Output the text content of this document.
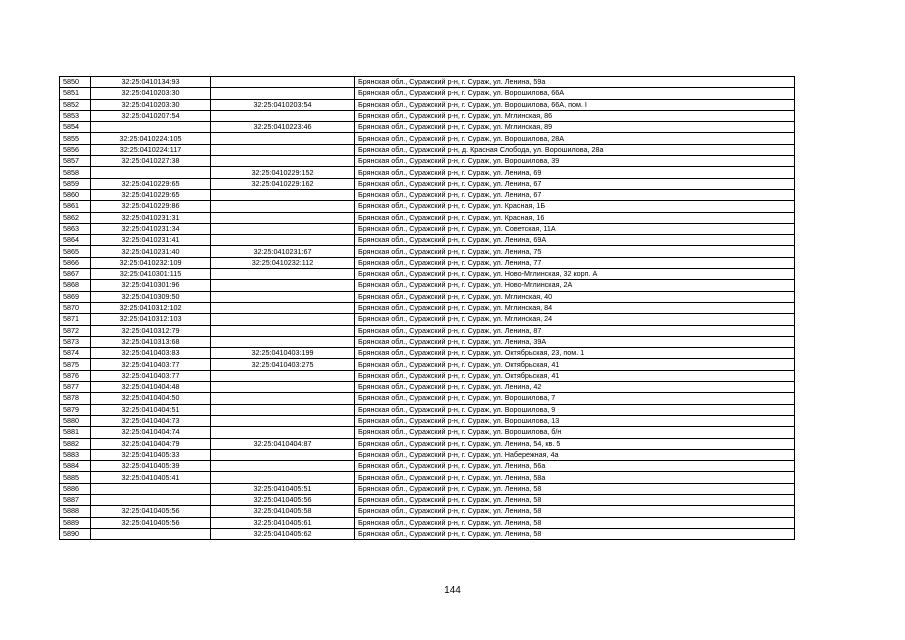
5850	32:25:0410134:93		Брянская обл., Суражский р-н, г. Сураж, ул. Ленина, 59а
5851	32:25:0410203:30		Брянская обл., Суражский р-н, г. Сураж, ул. Ворошилова, 66А
5852	32:25:0410203:30	32:25:0410203:54	Брянская обл., Суражский р-н, г. Сураж, ул. Ворошилова, 66А, пом. I
5853	32:25:0410207:54		Брянская обл., Суражский р-н, г. Сураж, ул. Мглинская, 86
5854		32:25:0410223:46	Брянская обл., Суражский р-н, г. Сураж, ул. Мглинская, 89
5855	32:25:0410224:105		Брянская обл., Суражский р-н, г. Сураж, ул. Ворошилова, 28А
5856	32:25:0410224:117		Брянская обл., Суражский р-н, д. Красная Слобода, ул. Ворошилова, 28а
5857	32:25:0410227:38		Брянская обл., Суражский р-н, г. Сураж, ул. Ворошилова, 39
5858		32:25:0410229:152	Брянская обл., Суражский р-н, г. Сураж, ул. Ленина, 69
5859	32:25:0410229:65	32:25:0410229:162	Брянская обл., Суражский р-н, г. Сураж, ул. Ленина, 67
5860	32:25:0410229:65		Брянская обл., Суражский р-н, г. Сураж, ул. Ленина, 67
5861	32:25:0410229:86		Брянская обл., Суражский р-н, г. Сураж, ул. Красная, 1Б
5862	32:25:0410231:31		Брянская обл., Суражский р-н, г. Сураж, ул. Красная, 16
5863	32:25:0410231:34		Брянская обл., Суражский р-н, г. Сураж, ул. Советская, 11А
5864	32:25:0410231:41		Брянская обл., Суражский р-н, г. Сураж, ул. Ленина, 69А
5865	32:25:0410231:40	32:25:0410231:67	Брянская обл., Суражский р-н, г. Сураж, ул. Ленина, 75
5866	32:25:0410232:109	32:25:0410232:112	Брянская обл., Суражский р-н, г. Сураж, ул. Ленина, 77
5867	32:25:0410301:115		Брянская обл., Суражский р-н, г. Сураж, ул. Ново-Мглинская, 32 корп. А
5868	32:25:0410301:96		Брянская обл., Суражский р-н, г. Сураж, ул. Ново-Мглинская, 2А
5869	32:25:0410309:50		Брянская обл., Суражский р-н, г. Сураж, ул. Мглинская, 40
5870	32:25:0410312:102		Брянская обл., Суражский р-н, г. Сураж, ул. Мглинская, 84
5871	32:25:0410312:103		Брянская обл., Суражский р-н, г. Сураж, ул. Мглинская, 24
5872	32:25:0410312:79		Брянская обл., Суражский р-н, г. Сураж, ул. Ленина, 87
5873	32:25:0410313:68		Брянская обл., Суражский р-н, г. Сураж, ул. Ленина, 39А
5874	32:25:0410403:83	32:25:0410403:199	Брянская обл., Суражский р-н, г. Сураж, ул. Октябрьская, 23, пом. 1
5875	32:25:0410403:77	32:25:0410403:275	Брянская обл., Суражский р-н, г. Сураж, ул. Октябрьская, 41
5876	32:25:0410403:77		Брянская обл., Суражский р-н, г. Сураж, ул. Октябрьская, 41
5877	32:25:0410404:48		Брянская обл., Суражский р-н, г. Сураж, ул. Ленина, 42
5878	32:25:0410404:50		Брянская обл., Суражский р-н, г. Сураж, ул. Ворошилова, 7
5879	32:25:0410404:51		Брянская обл., Суражский р-н, г. Сураж, ул. Ворошилова, 9
5880	32:25:0410404:73		Брянская обл., Суражский р-н, г. Сураж, ул. Ворошилова, 13
5881	32:25:0410404:74		Брянская обл., Суражский р-н, г. Сураж, ул. Ворошилова, б/н
5882	32:25:0410404:79	32:25:0410404:87	Брянская обл., Суражский р-н, г. Сураж, ул. Ленина, 54, кв. 5
5883	32:25:0410405:33		Брянская обл., Суражский р-н, г. Сураж, ул. Набережная, 4а
5884	32:25:0410405:39		Брянская обл., Суражский р-н, г. Сураж, ул. Ленина, 56а
5885	32:25:0410405:41		Брянская обл., Суражский р-н, г. Сураж, ул. Ленина, 58а
5886		32:25:0410405:51	Брянская обл., Суражский р-н, г. Сураж, ул. Ленина, 58
5887		32:25:0410405:56	Брянская обл., Суражский р-н, г. Сураж, ул. Ленина, 58
5888	32:25:0410405:56	32:25:0410405:58	Брянская обл., Суражский р-н, г. Сураж, ул. Ленина, 58
5889	32:25:0410405:56	32:25:0410405:61	Брянская обл., Суражский р-н, г. Сураж, ул. Ленина, 58
5890		32:25:0410405:62	Брянская обл., Суражский р-н, г. Сураж, ул. Ленина, 58
144
